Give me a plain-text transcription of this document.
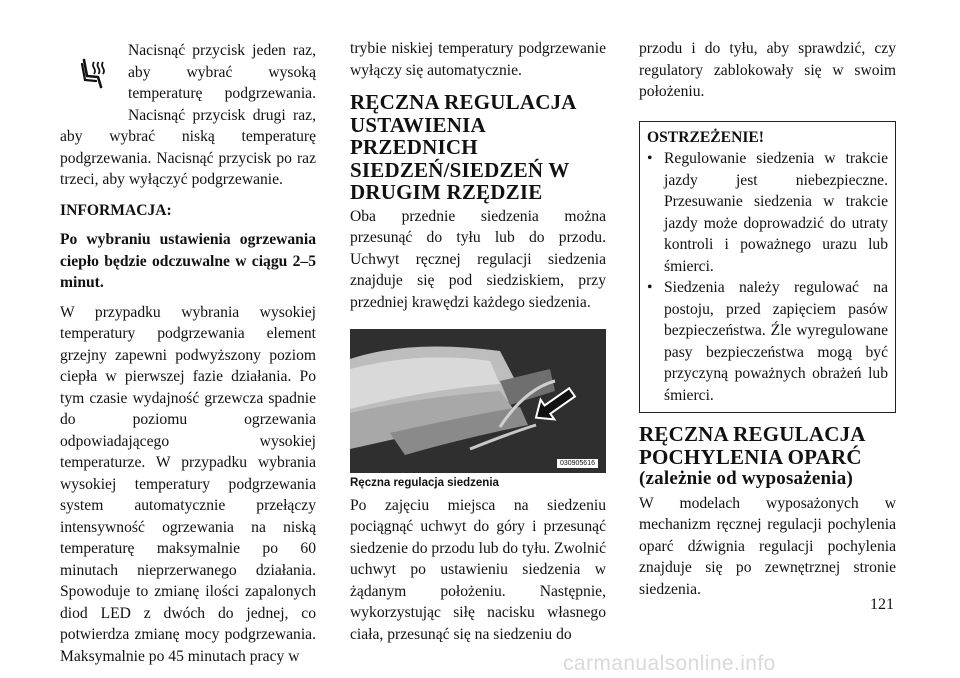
Nacisnąć przycisk jeden raz, aby wybrać wysoką temperaturę podgrzewania. Nacisnąć przycisk drugi raz, aby wybrać niską temperaturę podgrzewania. Nacisnąć przycisk po raz trzeci, aby wyłączyć podgrzewanie.

INFORMACJA:

Po wybraniu ustawienia ogrzewania ciepło będzie odczuwalne w ciągu 2–5 minut.

W przypadku wybrania wysokiej temperatury podgrzewania element grzejny zapewni podwyższony poziom ciepła w pierwszej fazie działania. Po tym czasie wydajność grzewcza spadnie do poziomu ogrzewania odpowiadającego wysokiej temperaturze. W przypadku wybrania wysokiej temperatury podgrzewania system automatycznie przełączy intensywność ogrzewania na niską temperaturę maksymalnie po 60 minutach nieprzerwanego działania. Spowoduje to zmianę ilości zapalonych diod LED z dwóch do jednej, co potwierdza zmianę mocy podgrzewania. Maksymalnie po 45 minutach pracy w

trybie niskiej temperatury podgrzewanie wyłączy się automatycznie.

RĘCZNA REGULACJA USTAWIENIA PRZEDNICH SIEDZEŃ/SIEDZEŃ W DRUGIM RZĘDZIE

Oba przednie siedzenia można przesunąć do tyłu lub do przodu. Uchwyt ręcznej regulacji siedzenia znajduje się pod siedziskiem, przy przedniej krawędzi każdego siedzenia.

030905616

Ręczna regulacja siedzenia

Po zajęciu miejsca na siedzeniu pociągnąć uchwyt do góry i przesunąć siedzenie do przodu lub do tyłu. Zwolnić uchwyt po ustawieniu siedzenia w żądanym położeniu. Następnie, wykorzystując siłę nacisku własnego ciała, przesunąć się na siedzeniu do

przodu i do tyłu, aby sprawdzić, czy regulatory zablokowały się w swoim położeniu.

OSTRZEŻENIE!

• Regulowanie siedzenia w trakcie jazdy jest niebezpieczne. Przesuwanie siedzenia w trakcie jazdy może doprowadzić do utraty kontroli i poważnego urazu lub śmierci.
• Siedzenia należy regulować na postoju, przed zapięciem pasów bezpieczeństwa. Źle wyregulowane pasy bezpieczeństwa mogą być przyczyną poważnych obrażeń lub śmierci.
RĘCZNA REGULACJA POCHYLENIA OPARĆ
(zależnie od wyposażenia)

W modelach wyposażonych w mechanizm ręcznej regulacji pochylenia oparć dźwignia regulacji pochylenia znajduje się po zewnętrznej stronie siedzenia.

121
carmanualsonline.info
